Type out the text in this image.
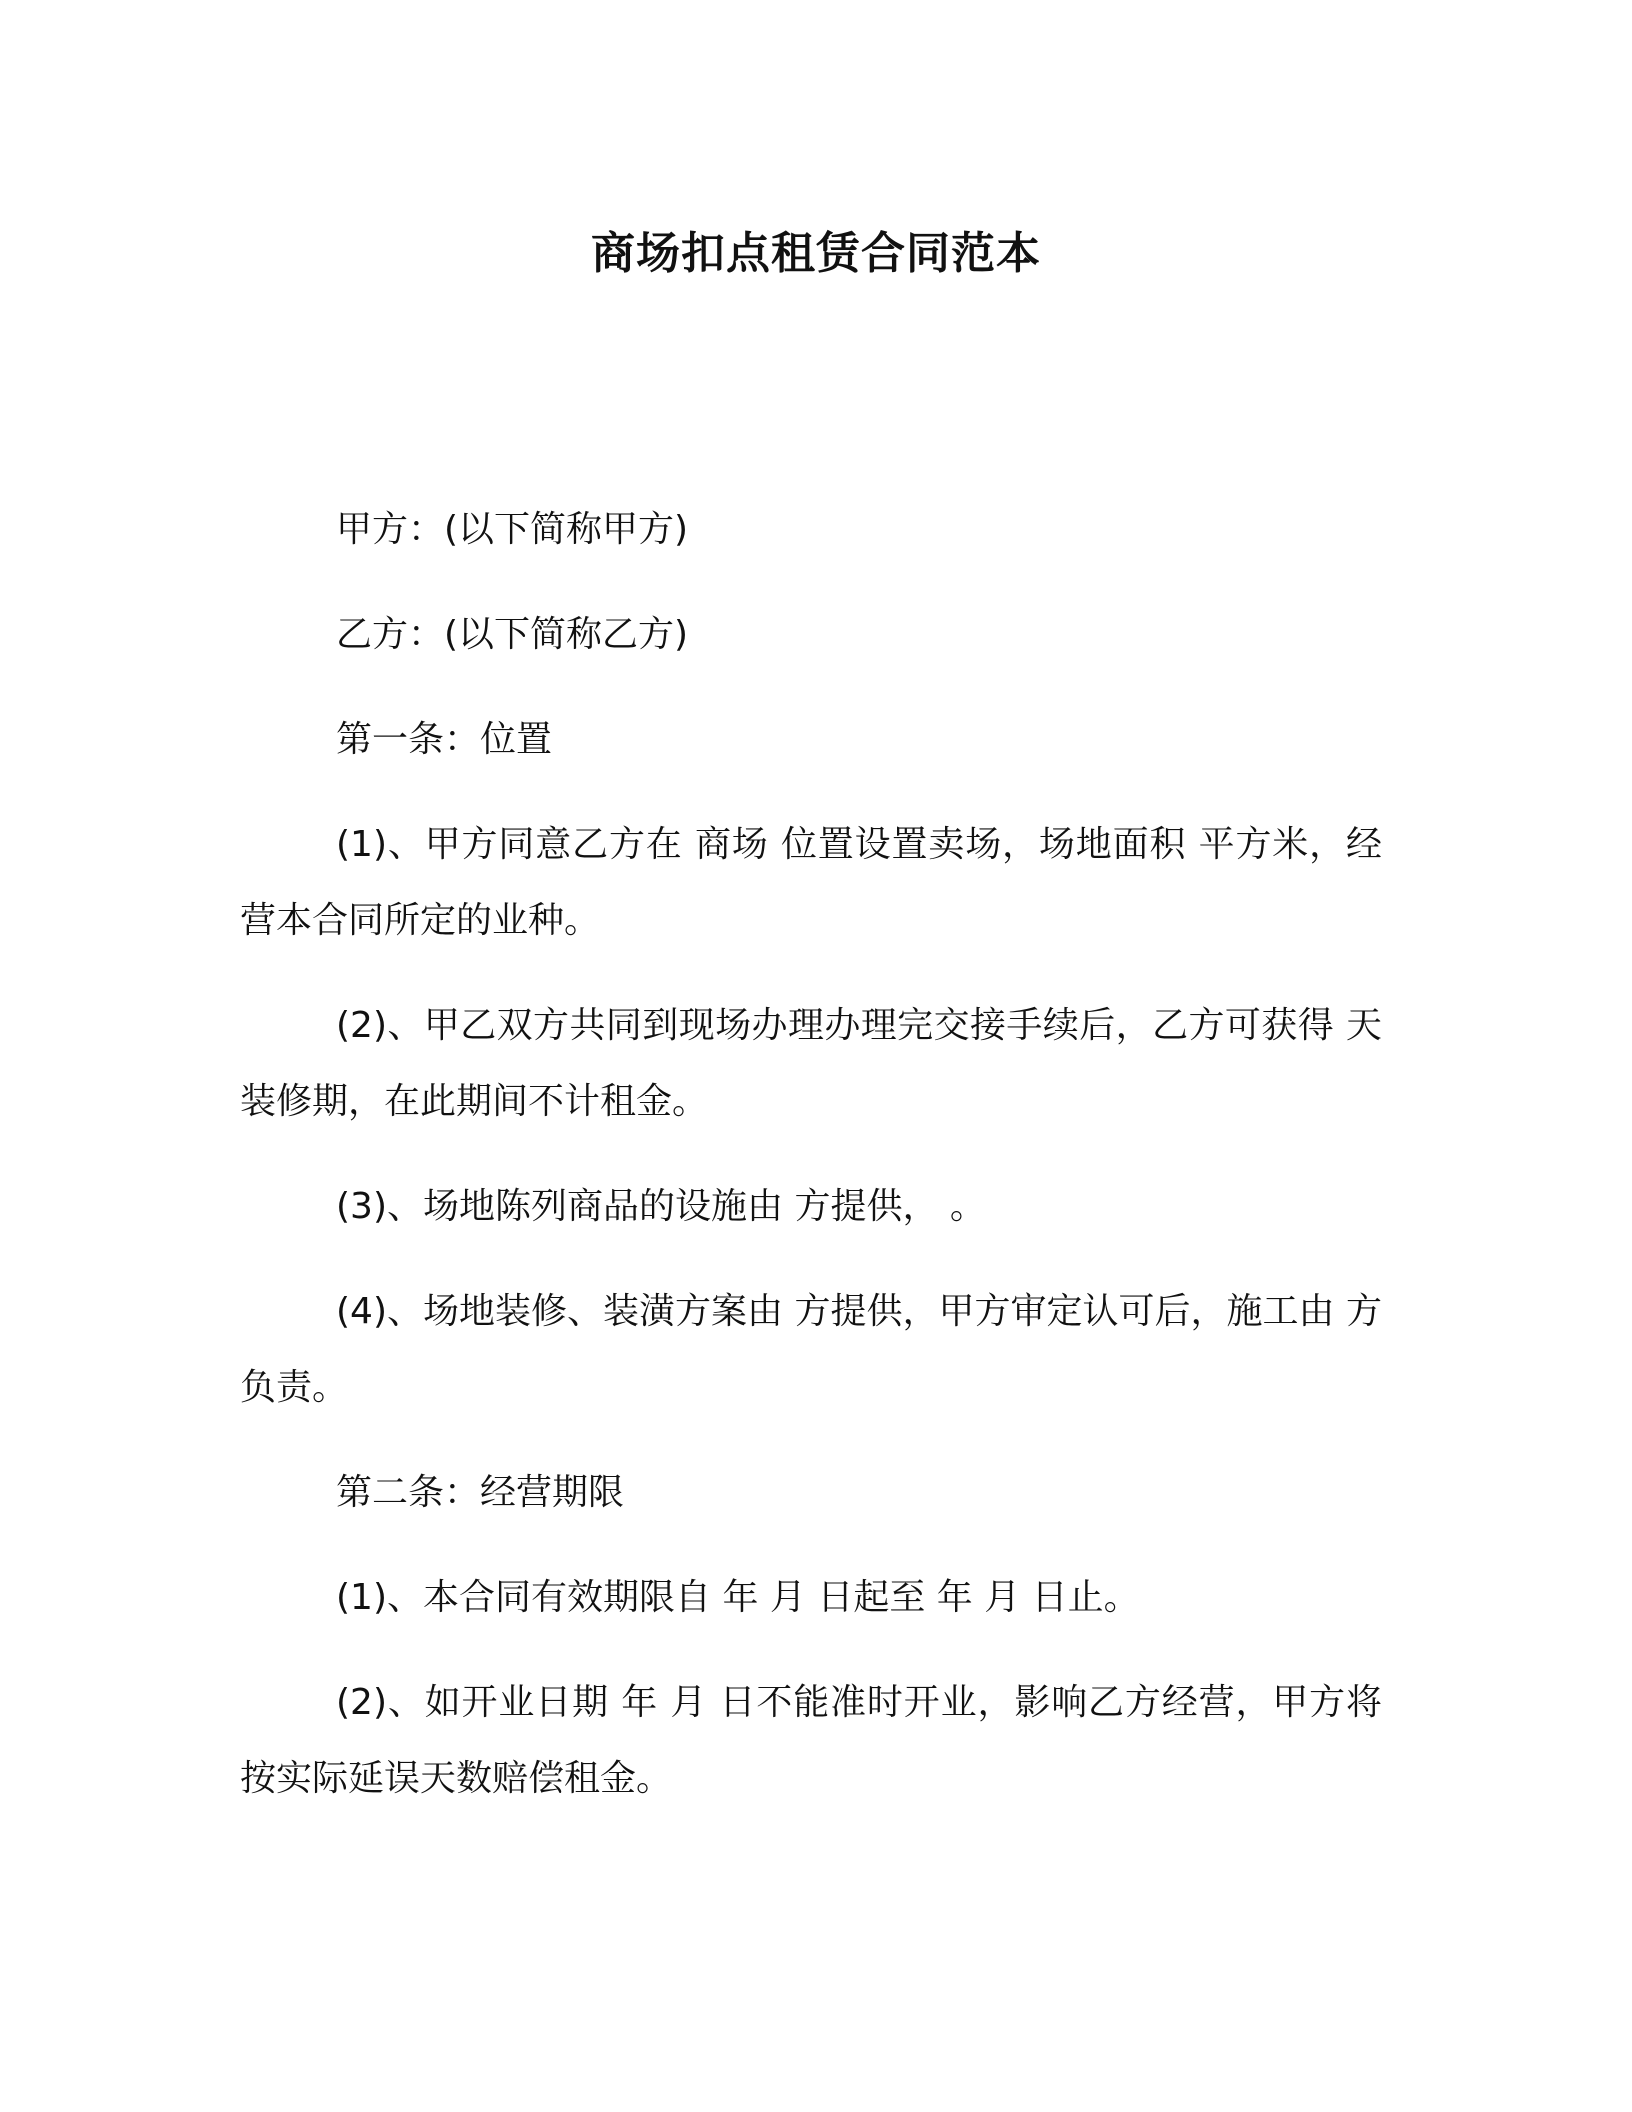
商场扣点租赁合同范本

甲方：(以下简称甲方)

乙方：(以下简称乙方)

第一条：位置

(1)、甲方同意乙方在 商场 位置设置卖场，场地面积 平方米，经营本合同所定的业种。

(2)、甲乙双方共同到现场办理办理完交接手续后，乙方可获得 天装修期，在此期间不计租金。

(3)、场地陈列商品的设施由 方提供， 。

(4)、场地装修、装潢方案由 方提供，甲方审定认可后，施工由 方负责。

第二条：经营期限

(1)、本合同有效期限自 年 月 日起至 年 月 日止。

(2)、如开业日期 年 月 日不能准时开业，影响乙方经营，甲方将按实际延误天数赔偿租金。
